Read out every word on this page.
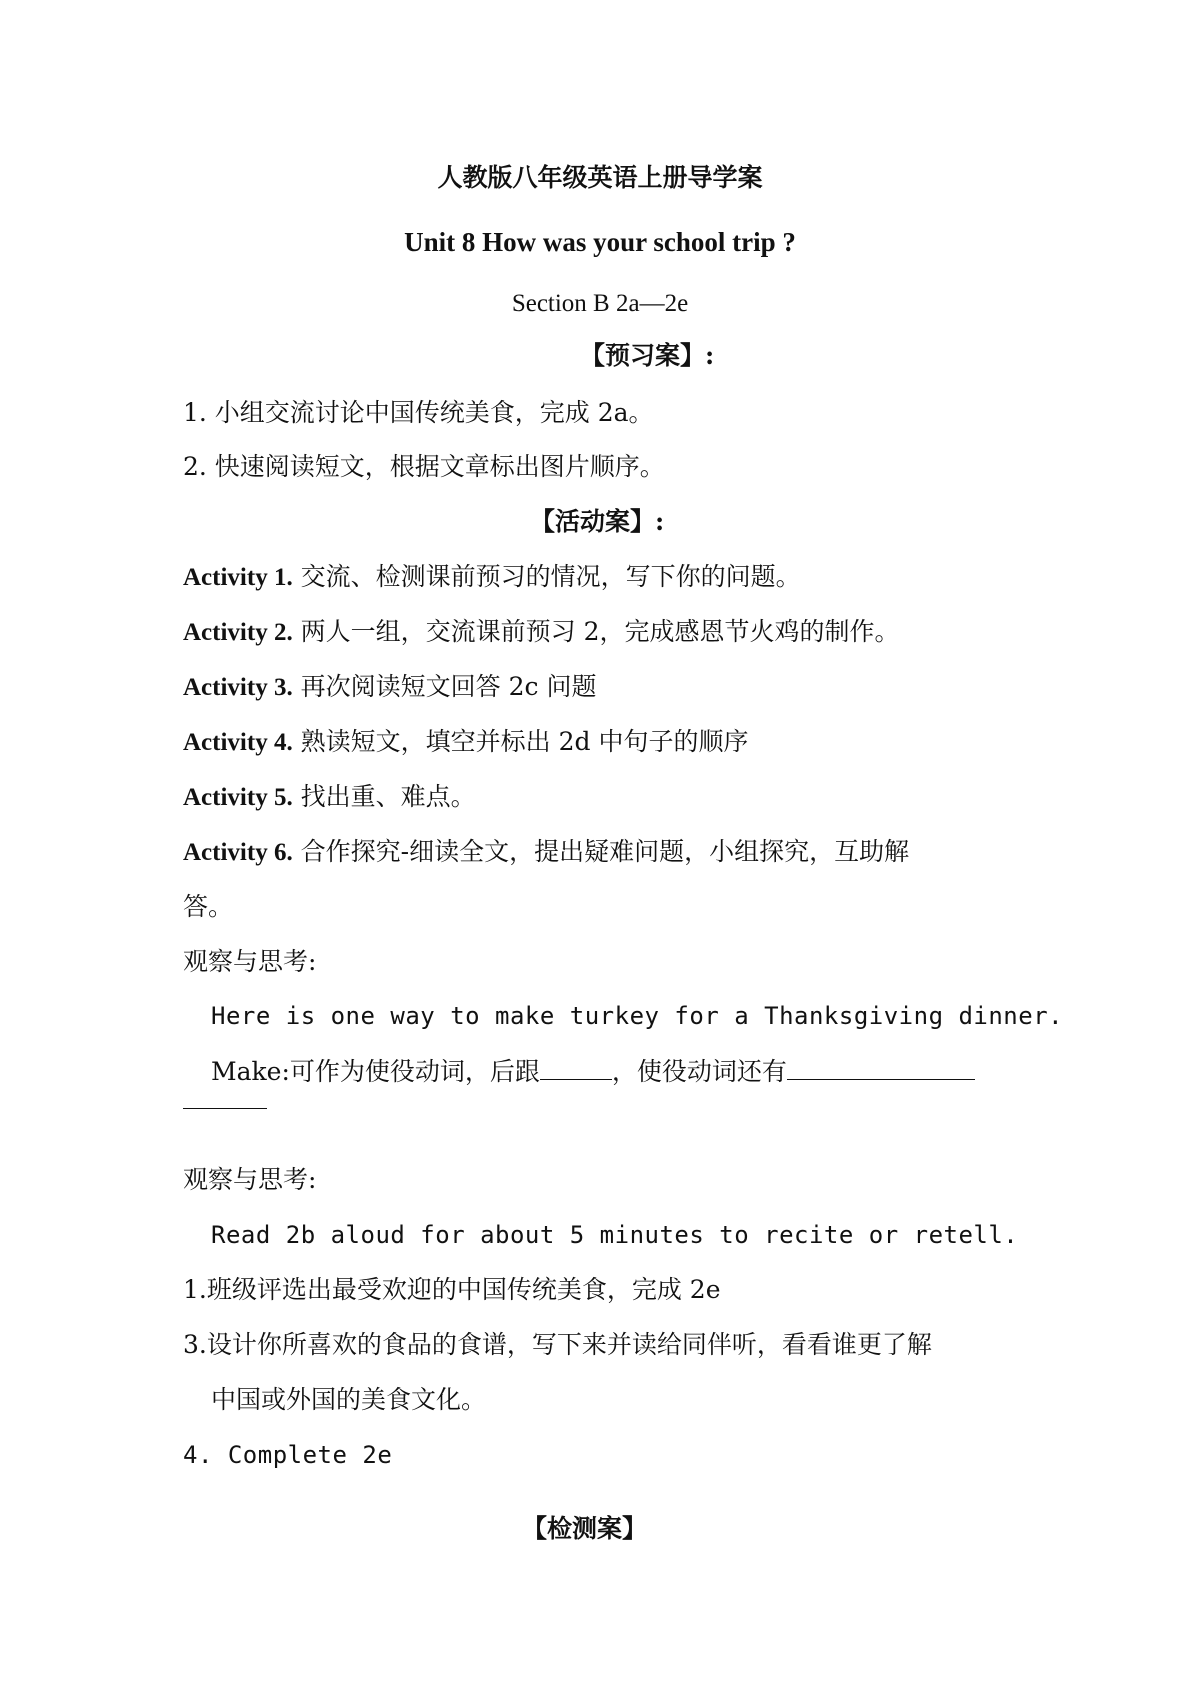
人教版八年级英语上册导学案
Unit 8 How was your school trip ?
Section B 2a—2e
【预习案】:
1. 小组交流讨论中国传统美食，完成 2a。
2. 快速阅读短文，根据文章标出图片顺序。
【活动案】:
Activity 1. 交流、检测课前预习的情况，写下你的问题。
Activity 2. 两人一组，交流课前预习 2，完成感恩节火鸡的制作。
Activity 3. 再次阅读短文回答 2c 问题
Activity 4. 熟读短文，填空并标出 2d 中句子的顺序
Activity 5. 找出重、难点。
Activity 6. 合作探究-细读全文，提出疑难问题，小组探究，互助解
答。
观察与思考:
Here is one way to make turkey for a Thanksgiving dinner.
Make:可作为使役动词，后跟	，使役动词还有
观察与思考:
Read 2b aloud for about 5 minutes to recite or retell.
1.班级评选出最受欢迎的中国传统美食，完成 2e
3.设计你所喜欢的食品的食谱，写下来并读给同伴听，看看谁更了解
中国或外国的美食文化。
4. Complete 2e
【检测案】
